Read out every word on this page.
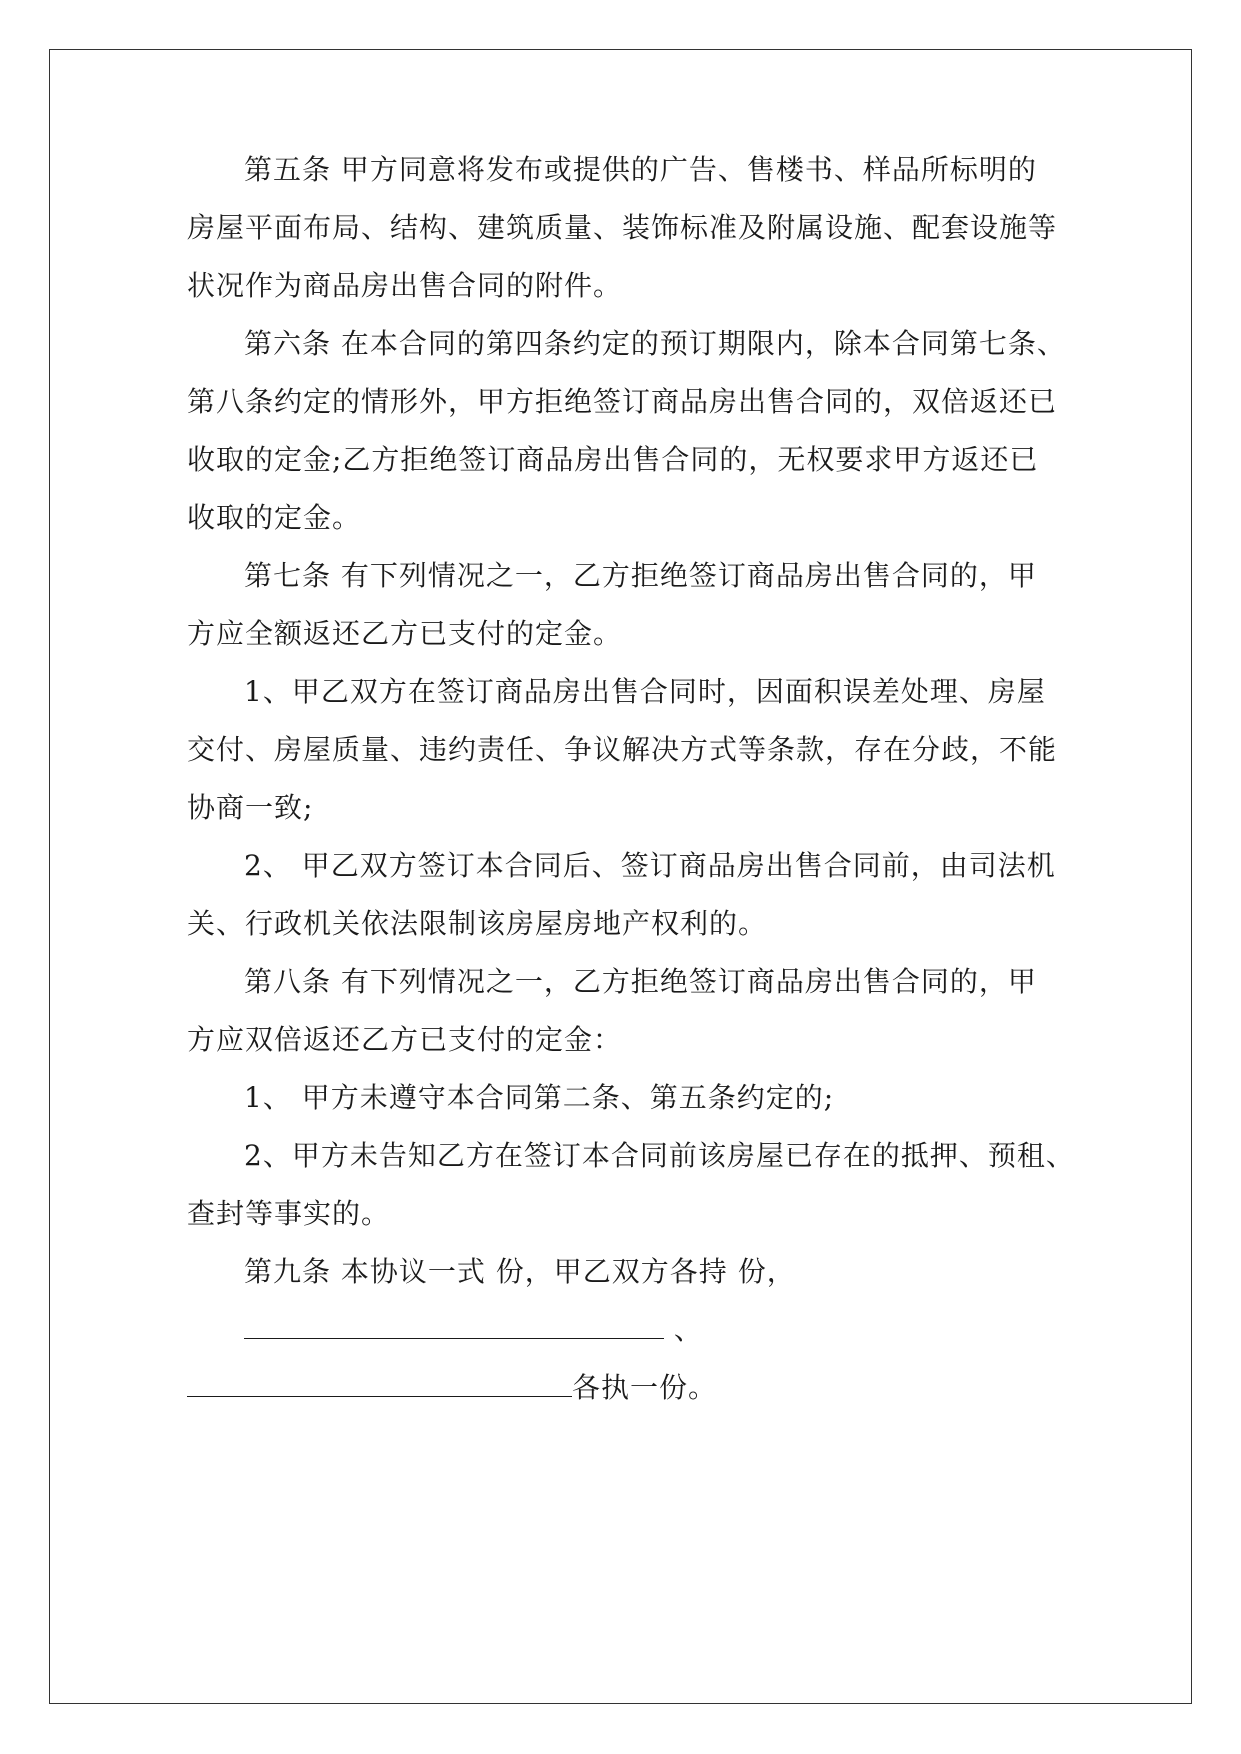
第五条 甲方同意将发布或提供的广告、售楼书、样品所标明的
房屋平面布局、结构、建筑质量、装饰标准及附属设施、配套设施等
状况作为商品房出售合同的附件。
第六条 在本合同的第四条约定的预订期限内，除本合同第七条、
第八条约定的情形外，甲方拒绝签订商品房出售合同的，双倍返还已
收取的定金;乙方拒绝签订商品房出售合同的，无权要求甲方返还已
收取的定金。
第七条 有下列情况之一，乙方拒绝签订商品房出售合同的，甲
方应全额返还乙方已支付的定金。
1、甲乙双方在签订商品房出售合同时，因面积误差处理、房屋
交付、房屋质量、违约责任、争议解决方式等条款，存在分歧，不能
协商一致;
2、 甲乙双方签订本合同后、签订商品房出售合同前，由司法机
关、行政机关依法限制该房屋房地产权利的。
第八条 有下列情况之一，乙方拒绝签订商品房出售合同的，甲
方应双倍返还乙方已支付的定金：
1、 甲方未遵守本合同第二条、第五条约定的;
2、甲方未告知乙方在签订本合同前该房屋已存在的抵押、预租、
查封等事实的。
第九条 本协议一式 份，甲乙双方各持 份，
、
各执一份。
